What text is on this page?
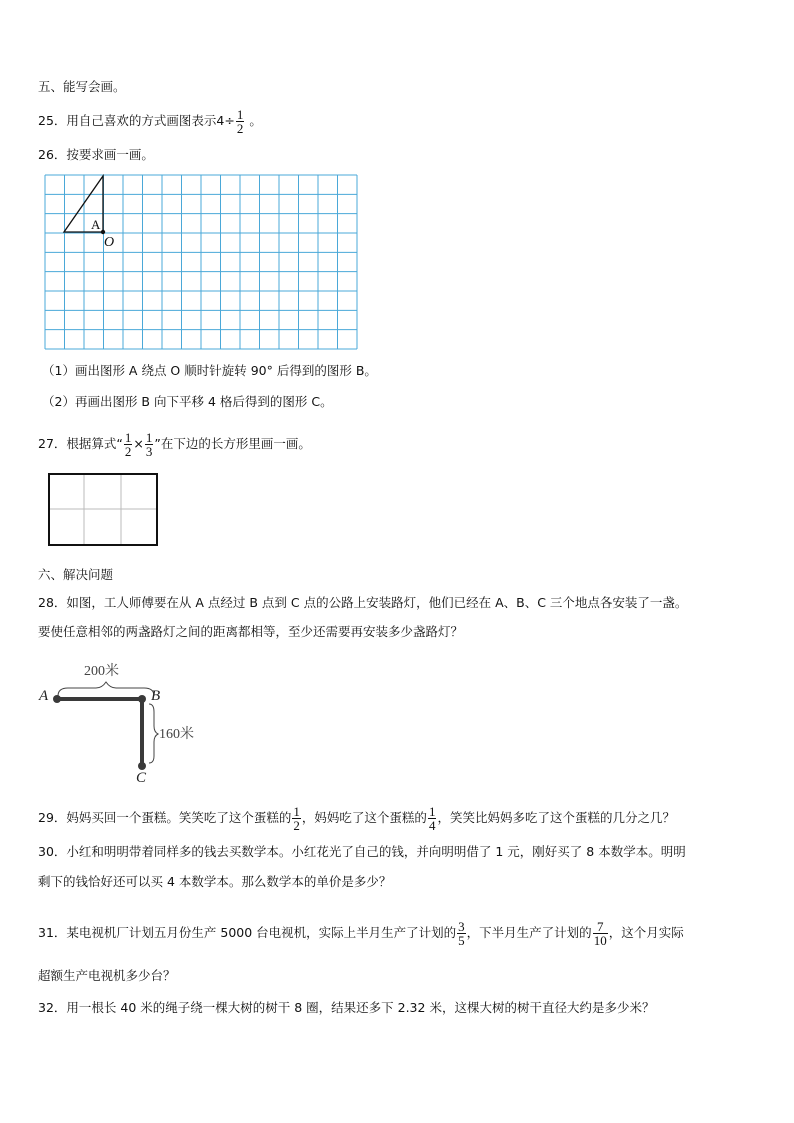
五、能写会画。
25．用自己喜欢的方式画图表示$4\div \frac{1}{2}$ 。
26．按要求画一画。
A
O
（1）画出图形 A 绕点 O 顺时针旋转 90° 后得到的图形 B。
（2）再画出图形 B 向下平移 4 格后得到的图形 C。
27．根据算式“ $\frac{1}{2} \times \frac{1}{3}$ ”在下边的长方形里画一画。
六、解决问题
28．如图，工人师傅要在从 A 点经过 B 点到 C 点的公路上安装路灯，他们已经在 A、B、C 三个地点各安装了一盏。
要使任意相邻的两盏路灯之间的距离都相等，至少还需要再安装多少盏路灯？
200米
A	B
C
160米
29．妈妈买回一个蛋糕。笑笑吃了这个蛋糕的 $\frac{1}{2}$ ，妈妈吃了这个蛋糕的 $\frac{1}{4}$ ，笑笑比妈妈多吃了这个蛋糕的几分之几？
30．小红和明明带着同样多的钱去买数学本。小红花光了自己的钱，并向明明借了 1 元，刚好买了 8 本数学本。明明
剩下的钱恰好还可以买 4 本数学本。那么数学本的单价是多少？
31．某电视机厂计划五月份生产 5000 台电视机，实际上半月生产了计划的 $\frac{3}{5}$ ，下半月生产了计划的 $\frac{7}{10}$ ，这个月实际
超额生产电视机多少台？
32．用一根长 40 米的绳子绕一棵大树的树干 8 圈，结果还多下 2.32 米，这棵大树的树干直径大约是多少米？
